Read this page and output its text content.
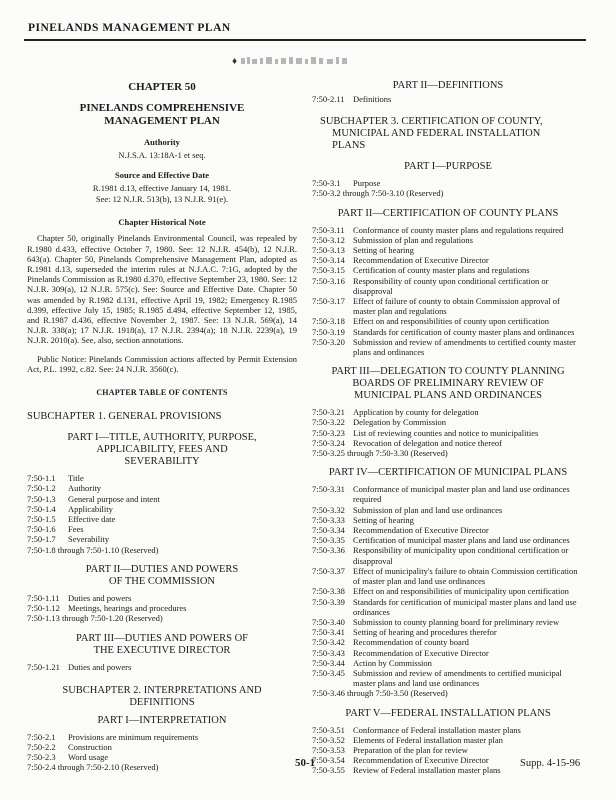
PINELANDS MANAGEMENT PLAN
♦
CHAPTER 50
PINELANDS COMPREHENSIVE
MANAGEMENT PLAN
Authority
N.J.S.A. 13:18A-1 et seq.
Source and Effective Date
R.1981 d.13, effective January 14, 1981.
See: 12 N.J.R. 513(b), 13 N.J.R. 91(e).
Chapter Historical Note
Chapter 50, originally Pinelands Environmental Council, was repealed by R.1980 d.433, effective October 7, 1980. See: 12 N.J.R. 454(b), 12 N.J.R. 643(a). Chapter 50, Pinelands Comprehensive Management Plan, adopted as R.1981 d.13, superseded the interim rules at N.J.A.C. 7:1G, adopted by the Pinelands Commission as R.1980 d.370, effective September 23, 1980. See: 12 N.J.R. 309(a), 12 N.J.R. 575(c). See: Source and Effective Date. Chapter 50 was amended by R.1982 d.131, effective April 19, 1982; Emergency R.1985 d.399, effective July 15, 1985; R.1985 d.494, effective September 12, 1985, and R.1987 d.436, effective November 2, 1987. See: 13 N.J.R. 569(a), 14 N.J.R. 338(a); 17 N.J.R. 1918(a), 17 N.J.R. 2394(a); 18 N.J.R. 2239(a), 19 N.J.R. 2010(a). See, also, section annotations.
Public Notice: Pinelands Commission actions affected by Permit Extension Act, P.L. 1992, c.82. See: 24 N.J.R. 3560(c).
CHAPTER TABLE OF CONTENTS
SUBCHAPTER 1. GENERAL PROVISIONS
PART I—TITLE, AUTHORITY, PURPOSE,
APPLICABILITY, FEES AND
SEVERABILITY
7:50-1.1	Title
7:50-1.2	Authority
7:50-1.3	General purpose and intent
7:50-1.4	Applicability
7:50-1.5	Effective date
7:50-1.6	Fees
7:50-1.7	Severability
7:50-1.8 through 7:50-1.10 (Reserved)
PART II—DUTIES AND POWERS
OF THE COMMISSION
7:50-1.11 Duties and powers
7:50-1.12 Meetings, hearings and procedures
7:50-1.13 through 7:50-1.20 (Reserved)
PART III—DUTIES AND POWERS OF
THE EXECUTIVE DIRECTOR
7:50-1.21 Duties and powers
SUBCHAPTER 2. INTERPRETATIONS AND
DEFINITIONS
PART I—INTERPRETATION
7:50-2.1	Provisions are minimum requirements
7:50-2.2	Construction
7:50-2.3	Word usage
7:50-2.4 through 7:50-2.10 (Reserved)
PART II—DEFINITIONS
7:50-2.11 Definitions
SUBCHAPTER 3. CERTIFICATION OF COUNTY,
MUNICIPAL AND FEDERAL INSTALLATION
PLANS
PART I—PURPOSE
7:50-3.1	Purpose
7:50-3.2 through 7:50-3.10 (Reserved)
PART II—CERTIFICATION OF COUNTY PLANS
7:50-3.11 Conformance of county master plans and regulations required
7:50-3.12 Submission of plan and regulations
7:50-3.13 Setting of hearing
7:50-3.14 Recommendation of Executive Director
7:50-3.15 Certification of county master plans and regulations
7:50-3.16 Responsibility of county upon conditional certification or disapproval
7:50-3.17 Effect of failure of county to obtain Commission approval of master plan and regulations
7:50-3.18 Effect on and responsibilities of county upon certification
7:50-3.19 Standards for certification of county master plans and ordinances
7:50-3.20 Submission and review of amendments to certified county master plans and ordinances
PART III—DELEGATION TO COUNTY PLANNING
BOARDS OF PRELIMINARY REVIEW OF
MUNICIPAL PLANS AND ORDINANCES
7:50-3.21 Application by county for delegation
7:50-3.22 Delegation by Commission
7:50-3.23 List of reviewing counties and notice to municipalities
7:50-3.24 Revocation of delegation and notice thereof
7:50-3.25 through 7:50-3.30 (Reserved)
PART IV—CERTIFICATION OF MUNICIPAL PLANS
7:50-3.31 Conformance of municipal master plan and land use ordinances required
7:50-3.32 Submission of plan and land use ordinances
7:50-3.33 Setting of hearing
7:50-3.34 Recommendation of Executive Director
7:50-3.35 Certification of municipal master plans and land use ordinances
7:50-3.36 Responsibility of municipality upon conditional certification or disapproval
7:50-3.37 Effect of municipality's failure to obtain Commission certification of master plan and land use ordinances
7:50-3.38 Effect on and responsibilities of municipality upon certification
7:50-3.39 Standards for certification of municipal master plans and land use ordinances
7:50-3.40 Submission to county planning board for preliminary review
7:50-3.41 Setting of hearing and procedures therefor
7:50-3.42 Recommendation of county board
7:50-3.43 Recommendation of Executive Director
7:50-3.44 Action by Commission
7:50-3.45 Submission and review of amendments to certified municipal master plans and land use ordinances
7:50-3.46 through 7:50-3.50 (Reserved)
PART V—FEDERAL INSTALLATION PLANS
7:50-3.51 Conformance of Federal installation master plans
7:50-3.52 Elements of Federal installation master plan
7:50-3.53 Preparation of the plan for review
7:50-3.54 Recommendation of Executive Director
7:50-3.55 Review of Federal installation master plans
50-1	Supp. 4-15-96
